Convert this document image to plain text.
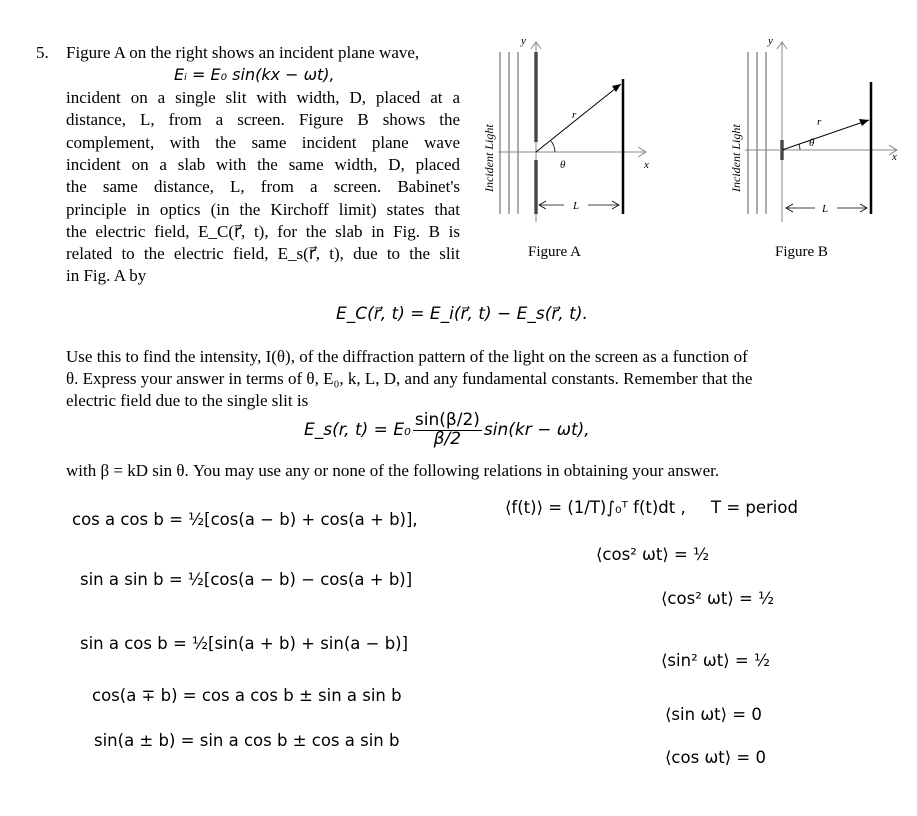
5. Figure A on the right shows an incident plane wave,
Eᵢ = E₀ sin(kx − ωt),
incident on a single slit with width, D, placed at a
distance, L, from a screen. Figure B shows the
complement, with the same incident plane wave
incident on a slab with the same width, D, placed
the same distance, L, from a screen. Babinet's
principle in optics (in the Kirchoff limit) states that
the electric field, E_C(r⃗, t), for the slab in Fig. B is
related to the electric field, E_s(r⃗, t), due to the slit
in Fig. A by
Incident Light
y
x
r
θ
L
Figure A
Incident Light
y
x
r
θ
L
Figure B
E_C(r⃗, t) = E_i(r⃗, t) − E_s(r⃗, t).
Use this to find the intensity, I(θ), of the diffraction pattern of the light on the screen as a function of
θ. Express your answer in terms of θ, E₀, k, L, D, and any fundamental constants. Remember that the
electric field due to the single slit is
E_s(r, $t) = E_0 \frac{\sin(\beta/2)}{\beta/2} \sin(kr - \omega t)$,
with β = kD sin θ. You may use any or none of the following relations in obtaining your answer.
cos a cos b = ½[cos(a − b) + cos(a + b)],
sin a sin b = ½[cos(a − b) − cos(a + b)]
sin a cos b = ½[sin(a + b) + sin(a − b)]
cos(a ∓ b) = cos a cos b ± sin a sin b
sin(a ± b) = sin a cos b ± cos a sin b
⟨f(t)⟩ = (1/T)∫₀ᵀ f(t)dt , T = period
⟨cos² ωt⟩ = ½
⟨cos² ωt⟩ = ½
⟨sin² ωt⟩ = ½
⟨sin ωt⟩ = 0
⟨cos ωt⟩ = 0
